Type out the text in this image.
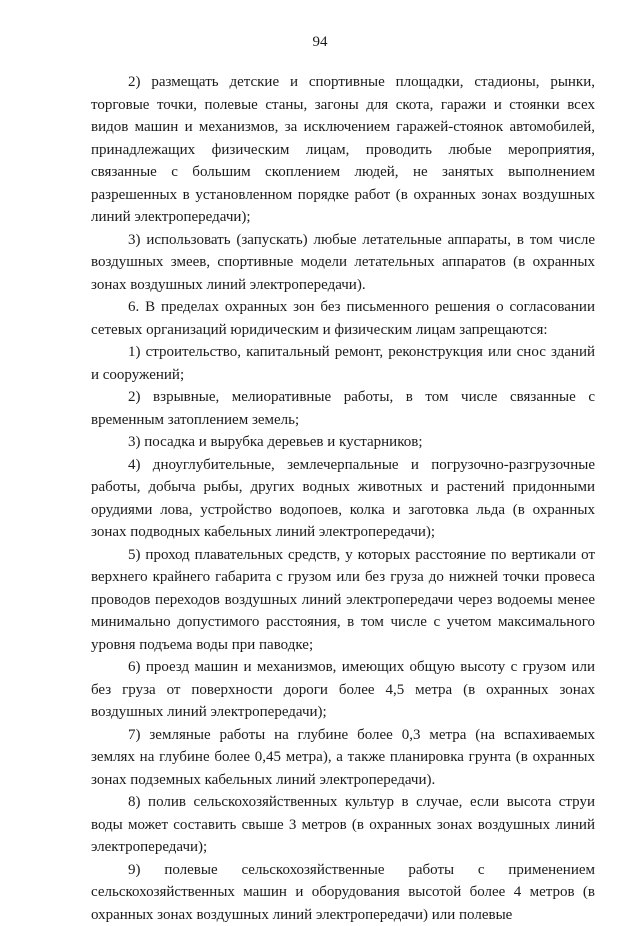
94

2) размещать детские и спортивные площадки, стадионы, рынки, торговые точки, полевые станы, загоны для скота, гаражи и стоянки всех видов машин и механизмов, за исключением гаражей-стоянок автомобилей, принадлежащих физическим лицам, проводить любые мероприятия, связанные с большим скоплением людей, не занятых выполнением разрешенных в установленном порядке работ (в охранных зонах воздушных линий электропередачи);

3) использовать (запускать) любые летательные аппараты, в том числе воздушных змеев, спортивные модели летательных аппаратов (в охранных зонах воздушных линий электропередачи).

6. В пределах охранных зон без письменного решения о согласовании сетевых организаций юридическим и физическим лицам запрещаются:

1) строительство, капитальный ремонт, реконструкция или снос зданий и сооружений;

2) взрывные, мелиоративные работы, в том числе связанные с временным затоплением земель;

3) посадка и вырубка деревьев и кустарников;

4) дноуглубительные, землечерпальные и погрузочно-разгрузочные работы, добыча рыбы, других водных животных и растений придонными орудиями лова, устройство водопоев, колка и заготовка льда (в охранных зонах подводных кабельных линий электропередачи);

5) проход плавательных средств, у которых расстояние по вертикали от верхнего крайнего габарита с грузом или без груза до нижней точки провеса проводов переходов воздушных линий электропередачи через водоемы менее минимально допустимого расстояния, в том числе с учетом максимального уровня подъема воды при паводке;

6) проезд машин и механизмов, имеющих общую высоту с грузом или без груза от поверхности дороги более 4,5 метра (в охранных зонах воздушных линий электропередачи);

7) земляные работы на глубине более 0,3 метра (на вспахиваемых землях на глубине более 0,45 метра), а также планировка грунта (в охранных зонах подземных кабельных линий электропередачи).

8) полив сельскохозяйственных культур в случае, если высота струи воды может составить свыше 3 метров (в охранных зонах воздушных линий электропередачи);

9) полевые сельскохозяйственные работы с применением сельскохозяйственных машин и оборудования высотой более 4 метров (в охранных зонах воздушных линий электропередачи) или полевые
